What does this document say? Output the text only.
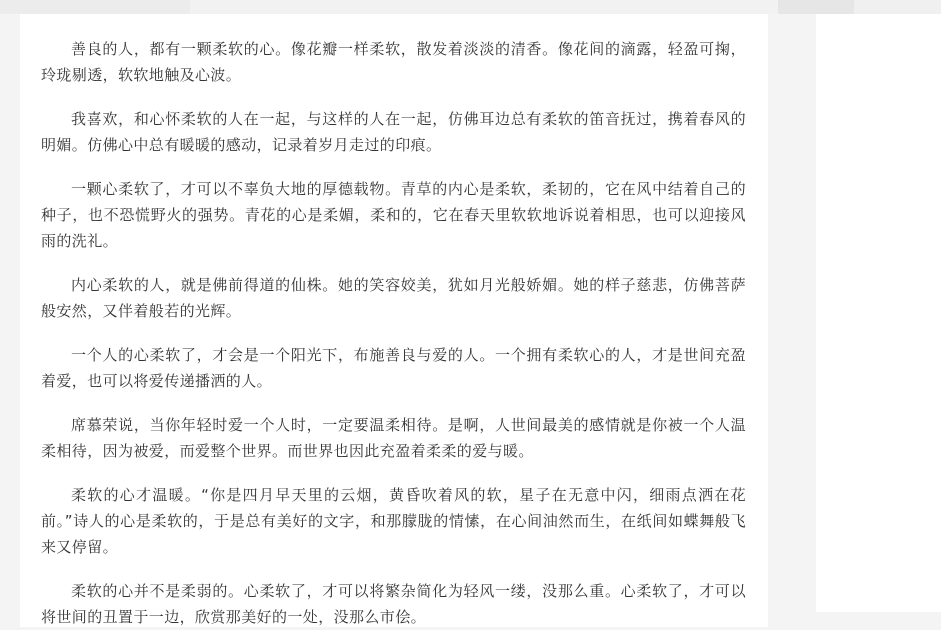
善良的人，都有一颗柔软的心。像花瓣一样柔软，散发着淡淡的清香。像花间的滴露，轻盈可掬，玲珑剔透，软软地触及心波。

我喜欢，和心怀柔软的人在一起，与这样的人在一起，仿佛耳边总有柔软的笛音抚过，携着春风的明媚。仿佛心中总有暖暖的感动，记录着岁月走过的印痕。

一颗心柔软了，才可以不辜负大地的厚德载物。青草的内心是柔软，柔韧的，它在风中结着自己的种子，也不恐慌野火的强势。青花的心是柔媚，柔和的，它在春天里软软地诉说着相思，也可以迎接风雨的洗礼。

内心柔软的人，就是佛前得道的仙株。她的笑容姣美，犹如月光般娇媚。她的样子慈悲，仿佛菩萨般安然，又伴着般若的光辉。

一个人的心柔软了，才会是一个阳光下，布施善良与爱的人。一个拥有柔软心的人，才是世间充盈着爱，也可以将爱传递播洒的人。

席慕荣说，当你年轻时爱一个人时，一定要温柔相待。是啊，人世间最美的感情就是你被一个人温柔相待，因为被爱，而爱整个世界。而世界也因此充盈着柔柔的爱与暖。

柔软的心才温暖。“你是四月早天里的云烟，黄昏吹着风的软，星子在无意中闪，细雨点洒在花前。”诗人的心是柔软的，于是总有美好的文字，和那朦胧的情愫，在心间油然而生，在纸间如蝶舞般飞来又停留。

柔软的心并不是柔弱的。心柔软了，才可以将繁杂简化为轻风一缕，没那么重。心柔软了，才可以将世间的丑置于一边，欣赏那美好的一处，没那么市侩。
